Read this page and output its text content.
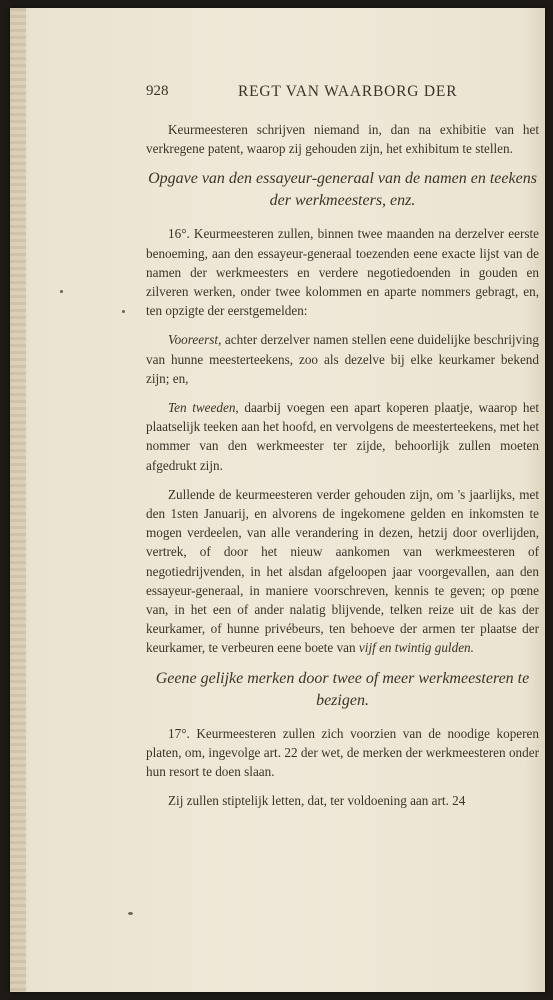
928	REGT VAN WAARBORG DER

Keurmeesteren schrijven niemand in, dan na exhibitie van het verkregene patent, waarop zij gehouden zijn, het exhibitum te stellen.

Opgave van den essayeur-generaal van de namen en teekens der werkmeesters, enz.

16°. Keurmeesteren zullen, binnen twee maanden na derzelver eerste benoeming, aan den essayeur-generaal toezenden eene exacte lijst van de namen der werkmeesters en verdere negotiedoenden in gouden en zilveren werken, onder twee kolommen en aparte nommers gebragt, en, ten opzigte der eerstgemelden:

Vooreerst, achter derzelver namen stellen eene duidelijke beschrijving van hunne meesterteekens, zoo als dezelve bij elke keurkamer bekend zijn; en,

Ten tweeden, daarbij voegen een apart koperen plaatje, waarop het plaatselijk teeken aan het hoofd, en vervolgens de meesterteekens, met het nommer van den werkmeester ter zijde, behoorlijk zullen moeten afgedrukt zijn.

Zullende de keurmeesteren verder gehouden zijn, om 's jaarlijks, met den 1sten Januarij, en alvorens de ingekomene gelden en inkomsten te mogen verdeelen, van alle verandering in dezen, hetzij door overlijden, vertrek, of door het nieuw aankomen van werkmeesteren of negotiedrijvenden, in het alsdan afgeloopen jaar voorgevallen, aan den essayeur-generaal, in maniere voorschreven, kennis te geven; op pœne van, in het een of ander nalatig blijvende, telken reize uit de kas der keurkamer, of hunne privébeurs, ten behoeve der armen ter plaatse der keurkamer, te verbeuren eene boete van vijf en twintig gulden.

Geene gelijke merken door twee of meer werkmeesteren te bezigen.

17°. Keurmeesteren zullen zich voorzien van de noodige koperen platen, om, ingevolge art. 22 der wet, de merken der werkmeesteren onder hun resort te doen slaan.

Zij zullen stiptelijk letten, dat, ter voldoening aan art. 24
